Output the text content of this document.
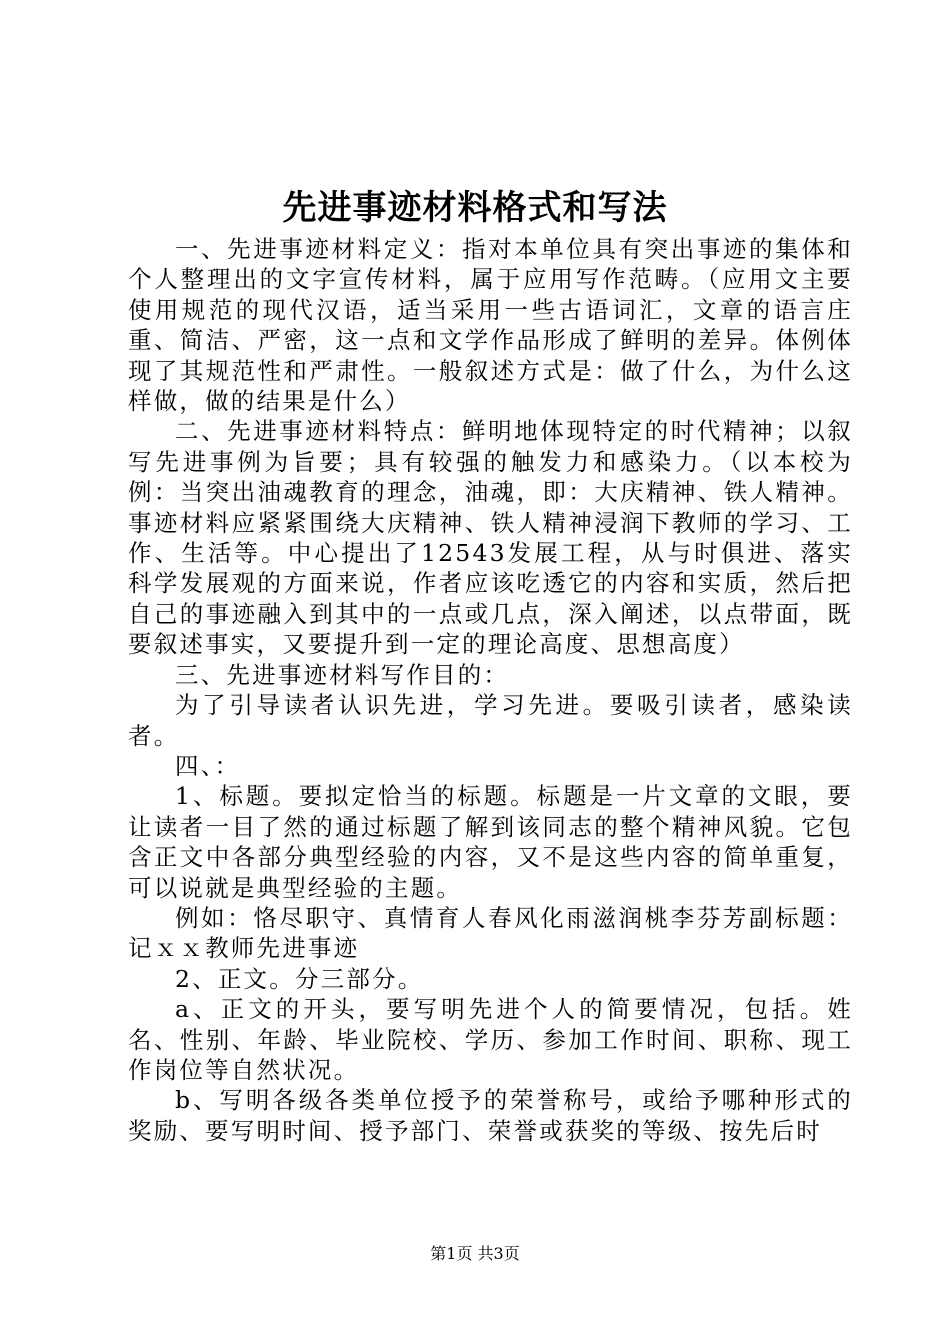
先进事迹材料格式和写法

一、先进事迹材料定义：指对本单位具有突出事迹的集体和个人整理出的文字宣传材料，属于应用写作范畴。（应用文主要使用规范的现代汉语，适当采用一些古语词汇，文章的语言庄重、简洁、严密，这一点和文学作品形成了鲜明的差异。体例体现了其规范性和严肃性。一般叙述方式是：做了什么，为什么这样做，做的结果是什么）

二、先进事迹材料特点：鲜明地体现特定的时代精神；以叙写先进事例为旨要；具有较强的触发力和感染力。（以本校为例：当突出油魂教育的理念，油魂，即：大庆精神、铁人精神。事迹材料应紧紧围绕大庆精神、铁人精神浸润下教师的学习、工作、生活等。中心提出了12543发展工程，从与时俱进、落实科学发展观的方面来说，作者应该吃透它的内容和实质，然后把自己的事迹融入到其中的一点或几点，深入阐述，以点带面，既要叙述事实，又要提升到一定的理论高度、思想高度）

三、先进事迹材料写作目的：

为了引导读者认识先进，学习先进。要吸引读者，感染读者。

四、：

1、标题。要拟定恰当的标题。标题是一片文章的文眼，要让读者一目了然的通过标题了解到该同志的整个精神风貌。它包含正文中各部分典型经验的内容，又不是这些内容的简单重复，可以说就是典型经验的主题。

例如：恪尽职守、真情育人春风化雨滋润桃李芬芳副标题：记ｘｘ教师先进事迹

2、正文。分三部分。

a、正文的开头，要写明先进个人的简要情况，包括。姓名、性别、年龄、毕业院校、学历、参加工作时间、职称、现工作岗位等自然状况。

b、写明各级各类单位授予的荣誉称号，或给予哪种形式的奖励、要写明时间、授予部门、荣誉或获奖的等级、按先后时

第1页 共3页
